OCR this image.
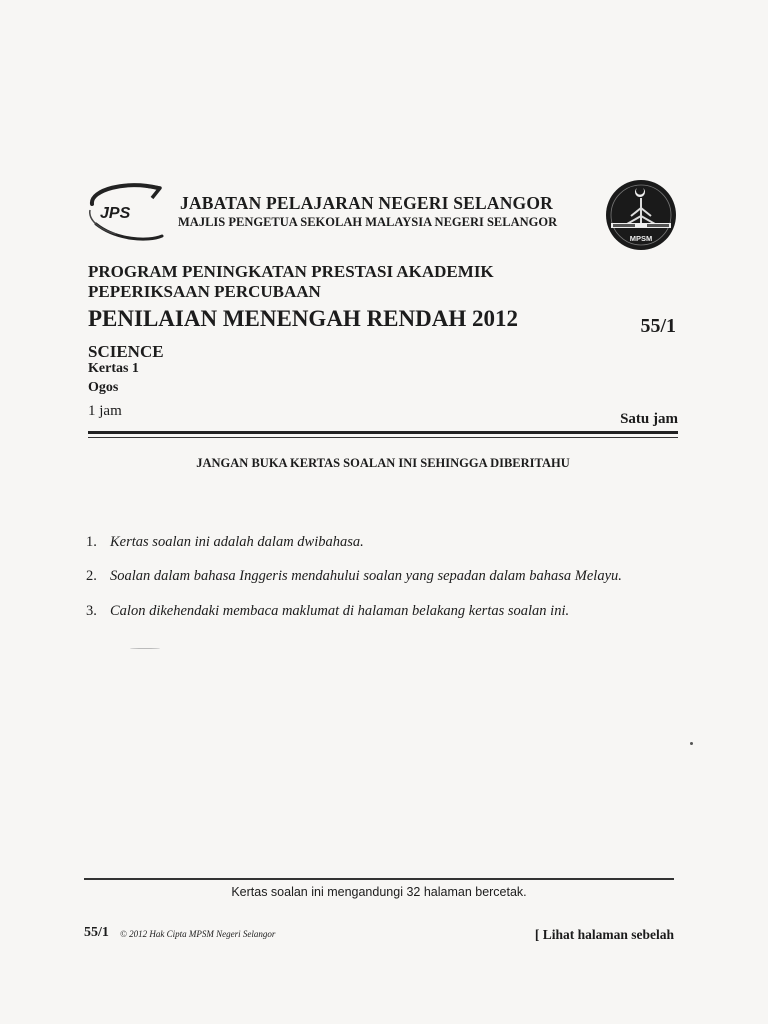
JPS
MPSM
JABATAN PELAJARAN NEGERI SELANGOR
MAJLIS PENGETUA SEKOLAH MALAYSIA NEGERI SELANGOR
PROGRAM PENINGKATAN PRESTASI AKADEMIK
PEPERIKSAAN PERCUBAAN
PENILAIAN MENENGAH RENDAH 2012	55/1
SCIENCE
Kertas 1
Ogos
1 jam	Satu jam
JANGAN BUKA KERTAS SOALAN INI SEHINGGA DIBERITAHU
1. Kertas soalan ini adalah dalam dwibahasa.
2. Soalan dalam bahasa Inggeris mendahului soalan yang sepadan dalam bahasa Melayu.
3. Calon dikehendaki membaca maklumat di halaman belakang kertas soalan ini.
Kertas soalan ini mengandungi 32 halaman bercetak.
55/1 © 2012 Hak Cipta MPSM Negeri Selangor	[ Lihat halaman sebelah
